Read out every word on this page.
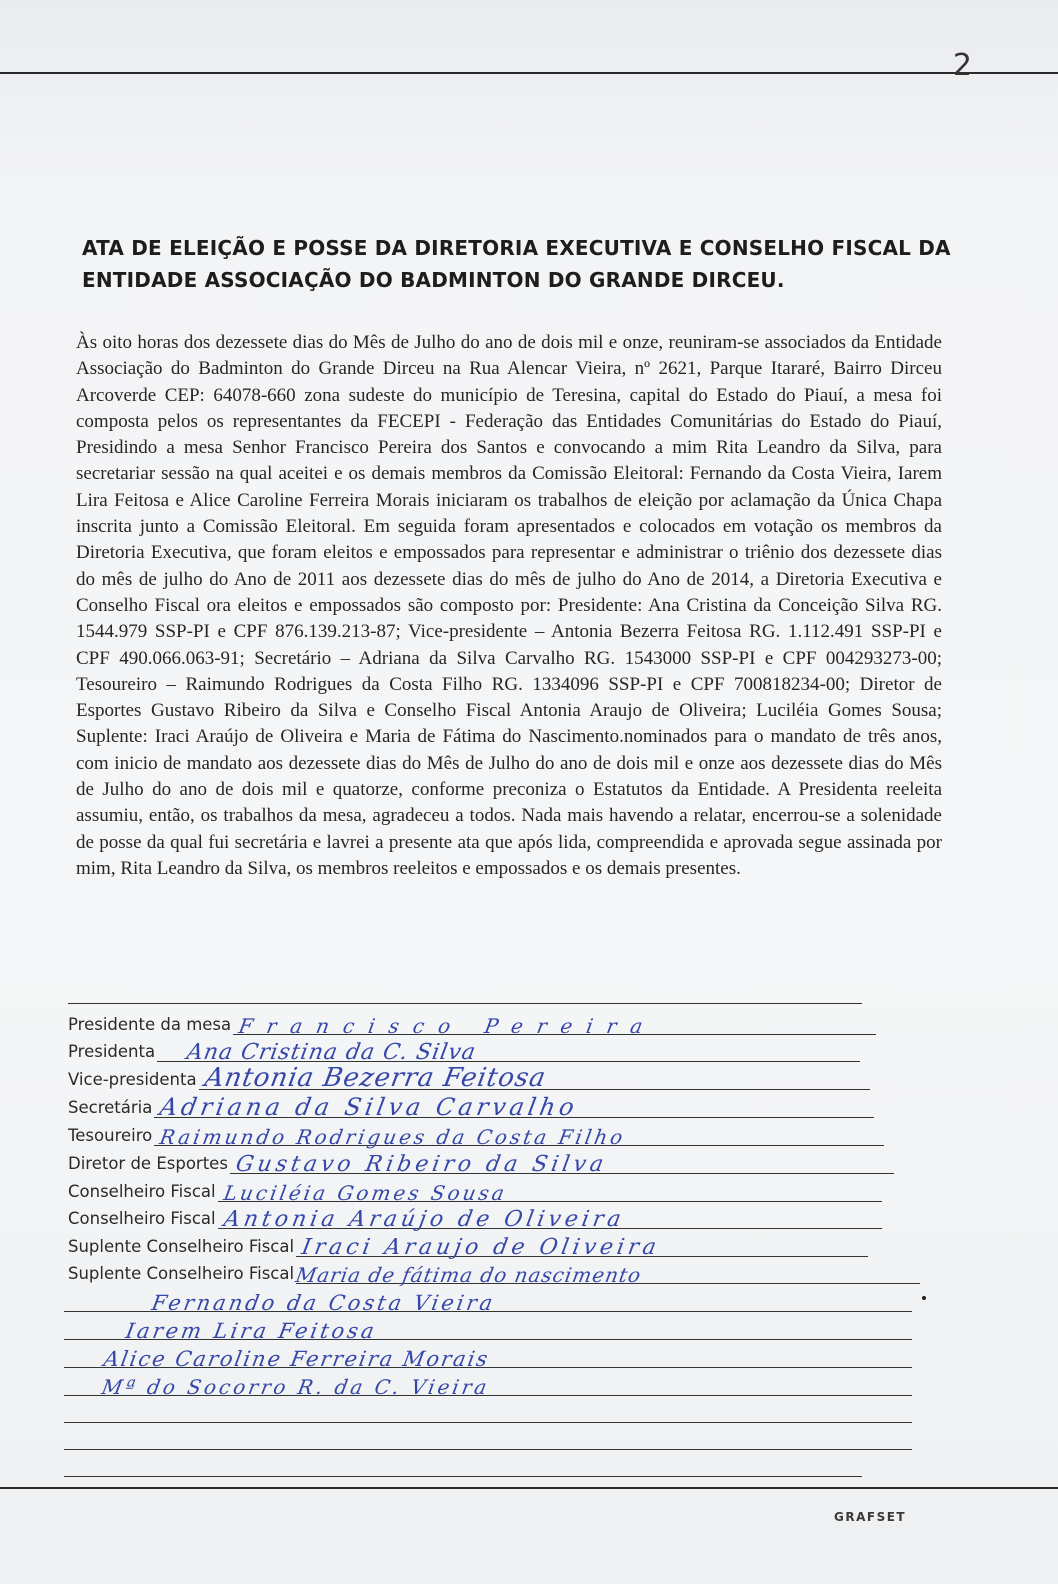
2
ATA DE ELEIÇÃO E POSSE DA DIRETORIA EXECUTIVA E CONSELHO FISCAL DA ENTIDADE ASSOCIAÇÃO DO BADMINTON DO GRANDE DIRCEU.
Às oito horas dos dezessete dias do Mês de Julho do ano de dois mil e onze, reuniram-se associados da Entidade Associação do Badminton do Grande Dirceu na Rua Alencar Vieira, nº 2621, Parque Itararé, Bairro Dirceu Arcoverde CEP: 64078-660 zona sudeste do município de Teresina, capital do Estado do Piauí, a mesa foi composta pelos os representantes da FECEPI - Federação das Entidades Comunitárias do Estado do Piauí, Presidindo a mesa Senhor Francisco Pereira dos Santos e convocando a mim Rita Leandro da Silva, para secretariar sessão na qual aceitei e os demais membros da Comissão Eleitoral: Fernando da Costa Vieira, Iarem Lira Feitosa e Alice Caroline Ferreira Morais iniciaram os trabalhos de eleição por aclamação da Única Chapa inscrita junto a Comissão Eleitoral. Em seguida foram apresentados e colocados em votação os membros da Diretoria Executiva, que foram eleitos e empossados para representar e administrar o triênio dos dezessete dias do mês de julho do Ano de 2011 aos dezessete dias do mês de julho do Ano de 2014, a Diretoria Executiva e Conselho Fiscal ora eleitos e empossados são composto por: Presidente: Ana Cristina da Conceição Silva RG. 1544.979 SSP-PI e CPF 876.139.213-87; Vice-presidente – Antonia Bezerra Feitosa RG. 1.112.491 SSP-PI e CPF 490.066.063-91; Secretário – Adriana da Silva Carvalho RG. 1543000 SSP-PI e CPF 004293273-00; Tesoureiro – Raimundo Rodrigues da Costa Filho RG. 1334096 SSP-PI e CPF 700818234-00; Diretor de Esportes Gustavo Ribeiro da Silva e Conselho Fiscal Antonia Araujo de Oliveira; Luciléia Gomes Sousa; Suplente: Iraci Araújo de Oliveira e Maria de Fátima do Nascimento.nominados para o mandato de três anos, com inicio de mandato aos dezessete dias do Mês de Julho do ano de dois mil e onze aos dezessete dias do Mês de Julho do ano de dois mil e quatorze, conforme preconiza o Estatutos da Entidade. A Presidenta reeleita assumiu, então, os trabalhos da mesa, agradeceu a todos. Nada mais havendo a relatar, encerrou-se a solenidade de posse da qual fui secretária e lavrei a presente ata que após lida, compreendida e aprovada segue assinada por mim, Rita Leandro da Silva, os membros reeleitos e empossados e os demais presentes.
Presidente da mesa Francisco Pereira
Presidenta Ana Cristina da C. Silva
Vice-presidenta Antonia Bezerra Feitosa
Secretária Adriana da Silva Carvalho
Tesoureiro Raimundo Rodrigues da Costa Filho
Diretor de Esportes Gustavo Ribeiro da Silva
Conselheiro Fiscal Luciléia Gomes Sousa
Conselheiro Fiscal Antonia Araújo de Oliveira
Suplente Conselheiro Fiscal Iraci Araujo de Oliveira
Suplente Conselheiro Fiscal Maria de fátima do nascimento
Fernando da Costa Vieira
Iarem Lira Feitosa
Alice Caroline Ferreira Morais
Mª do Socorro R. da C. Vieira
GRAFSET
